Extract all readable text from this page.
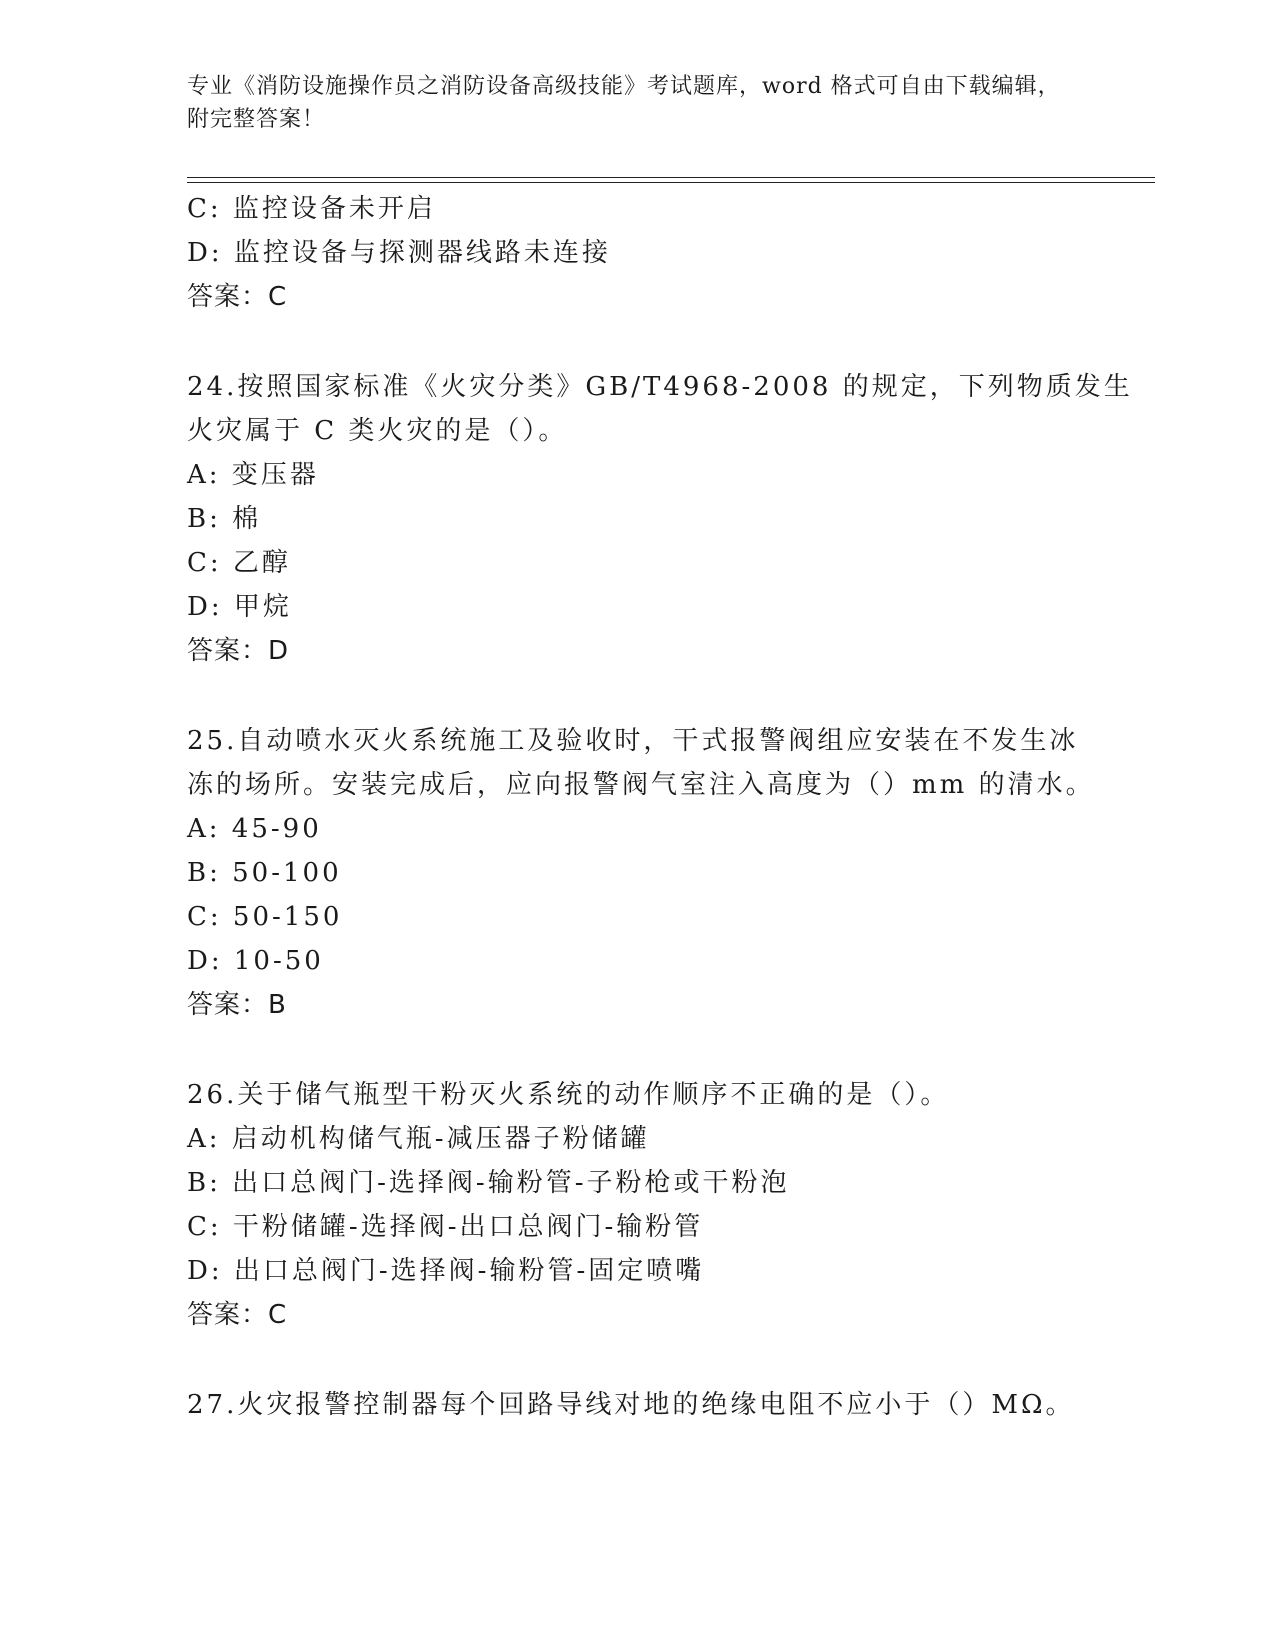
专业《消防设施操作员之消防设备高级技能》考试题库，word 格式可自由下载编辑，附完整答案！
C: 监控设备未开启
D: 监控设备与探测器线路未连接
答案：C
24.按照国家标准《火灾分类》GB/T4968-2008 的规定，下列物质发生
火灾属于 C 类火灾的是（）。
A: 变压器
B: 棉
C: 乙醇
D: 甲烷
答案：D
25.自动喷水灭火系统施工及验收时，干式报警阀组应安装在不发生冰
冻的场所。安装完成后，应向报警阀气室注入高度为（）mm 的清水。
A: 45-90
B: 50-100
C: 50-150
D: 10-50
答案：B
26.关于储气瓶型干粉灭火系统的动作顺序不正确的是（）。
A: 启动机构储气瓶-减压器子粉储罐
B: 出口总阀门-选择阀-输粉管-子粉枪或干粉泡
C: 干粉储罐-选择阀-出口总阀门-输粉管
D: 出口总阀门-选择阀-输粉管-固定喷嘴
答案：C
27.火灾报警控制器每个回路导线对地的绝缘电阻不应小于（）MΩ。
